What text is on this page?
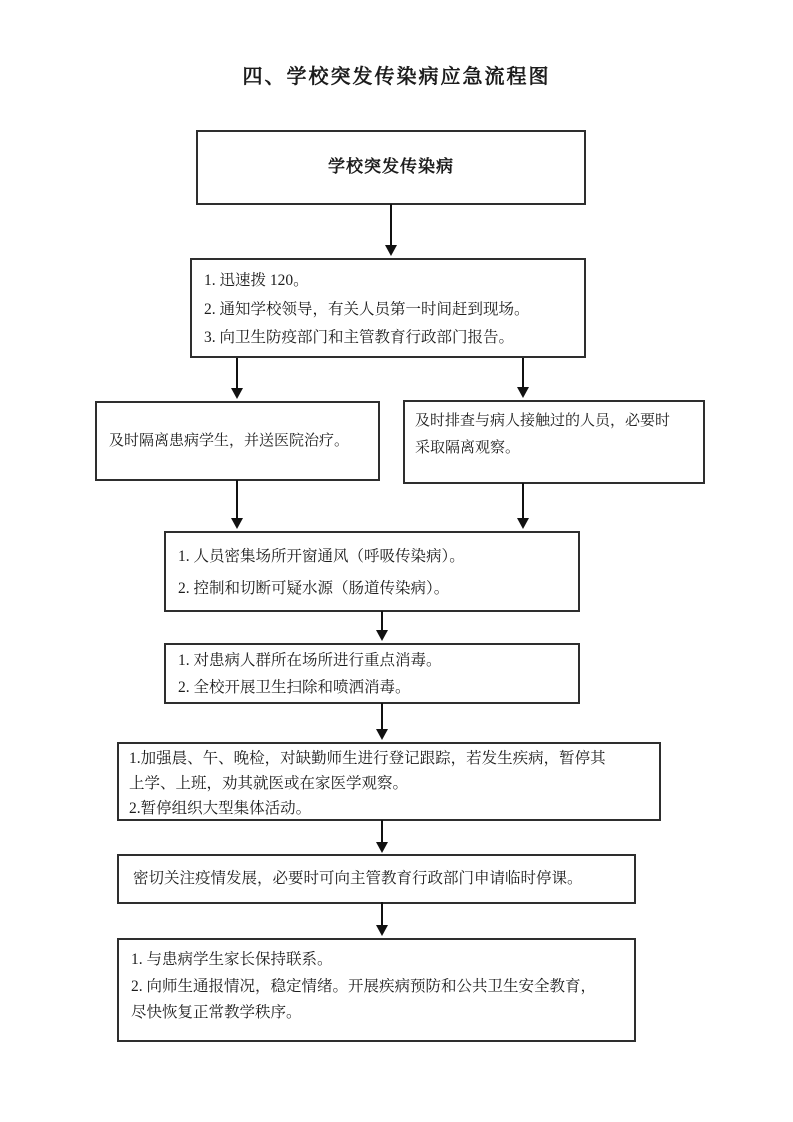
四、学校突发传染病应急流程图
学校突发传染病
1. 迅速拨 120。
2. 通知学校领导，有关人员第一时间赶到现场。
3. 向卫生防疫部门和主管教育行政部门报告。
及时隔离患病学生，并送医院治疗。
及时排查与病人接触过的人员，必要时
采取隔离观察。
1. 人员密集场所开窗通风（呼吸传染病）。
2. 控制和切断可疑水源（肠道传染病）。
1. 对患病人群所在场所进行重点消毒。
2. 全校开展卫生扫除和喷洒消毒。
1.加强晨、午、晚检，对缺勤师生进行登记跟踪，若发生疾病，暂停其
上学、上班，劝其就医或在家医学观察。
2.暂停组织大型集体活动。
密切关注疫情发展，必要时可向主管教育行政部门申请临时停课。
1. 与患病学生家长保持联系。
2. 向师生通报情况，稳定情绪。开展疾病预防和公共卫生安全教育，
尽快恢复正常教学秩序。
